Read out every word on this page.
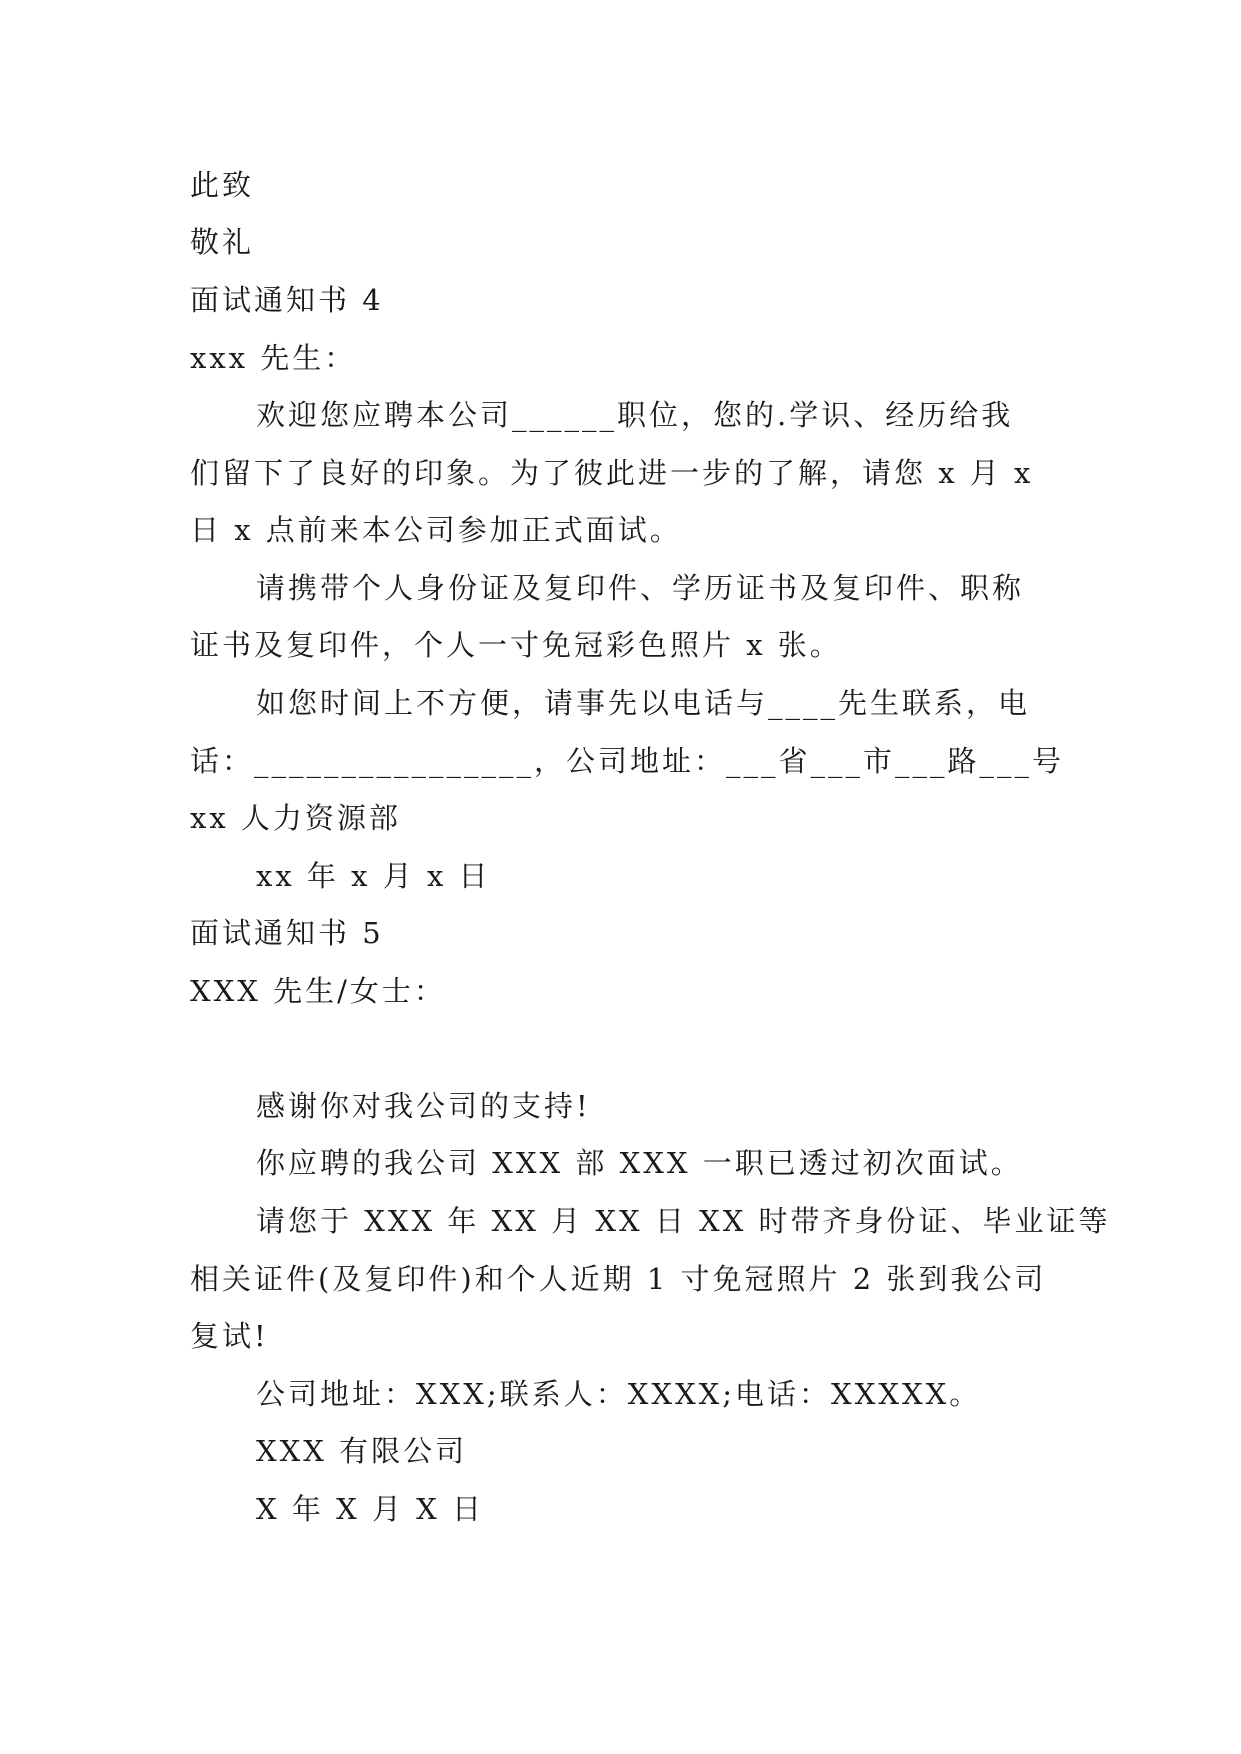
此致
敬礼
面试通知书 4
xxx 先生：
欢迎您应聘本公司______职位，您的.学识、经历给我
们留下了良好的印象。为了彼此进一步的了解，请您 x 月 x
日 x 点前来本公司参加正式面试。
请携带个人身份证及复印件、学历证书及复印件、职称
证书及复印件，个人一寸免冠彩色照片 x 张。
如您时间上不方便，请事先以电话与____先生联系，电
话：________________，公司地址：___省___市___路___号
xx 人力资源部
xx 年 x 月 x 日
面试通知书 5
XXX 先生/女士：
感谢你对我公司的支持!
你应聘的我公司 XXX 部 XXX 一职已透过初次面试。
请您于 XXX 年 XX 月 XX 日 XX 时带齐身份证、毕业证等
相关证件(及复印件)和个人近期 1 寸免冠照片 2 张到我公司
复试!
公司地址：XXX;联系人：XXXX;电话：XXXXX。
XXX 有限公司
X 年 X 月 X 日
